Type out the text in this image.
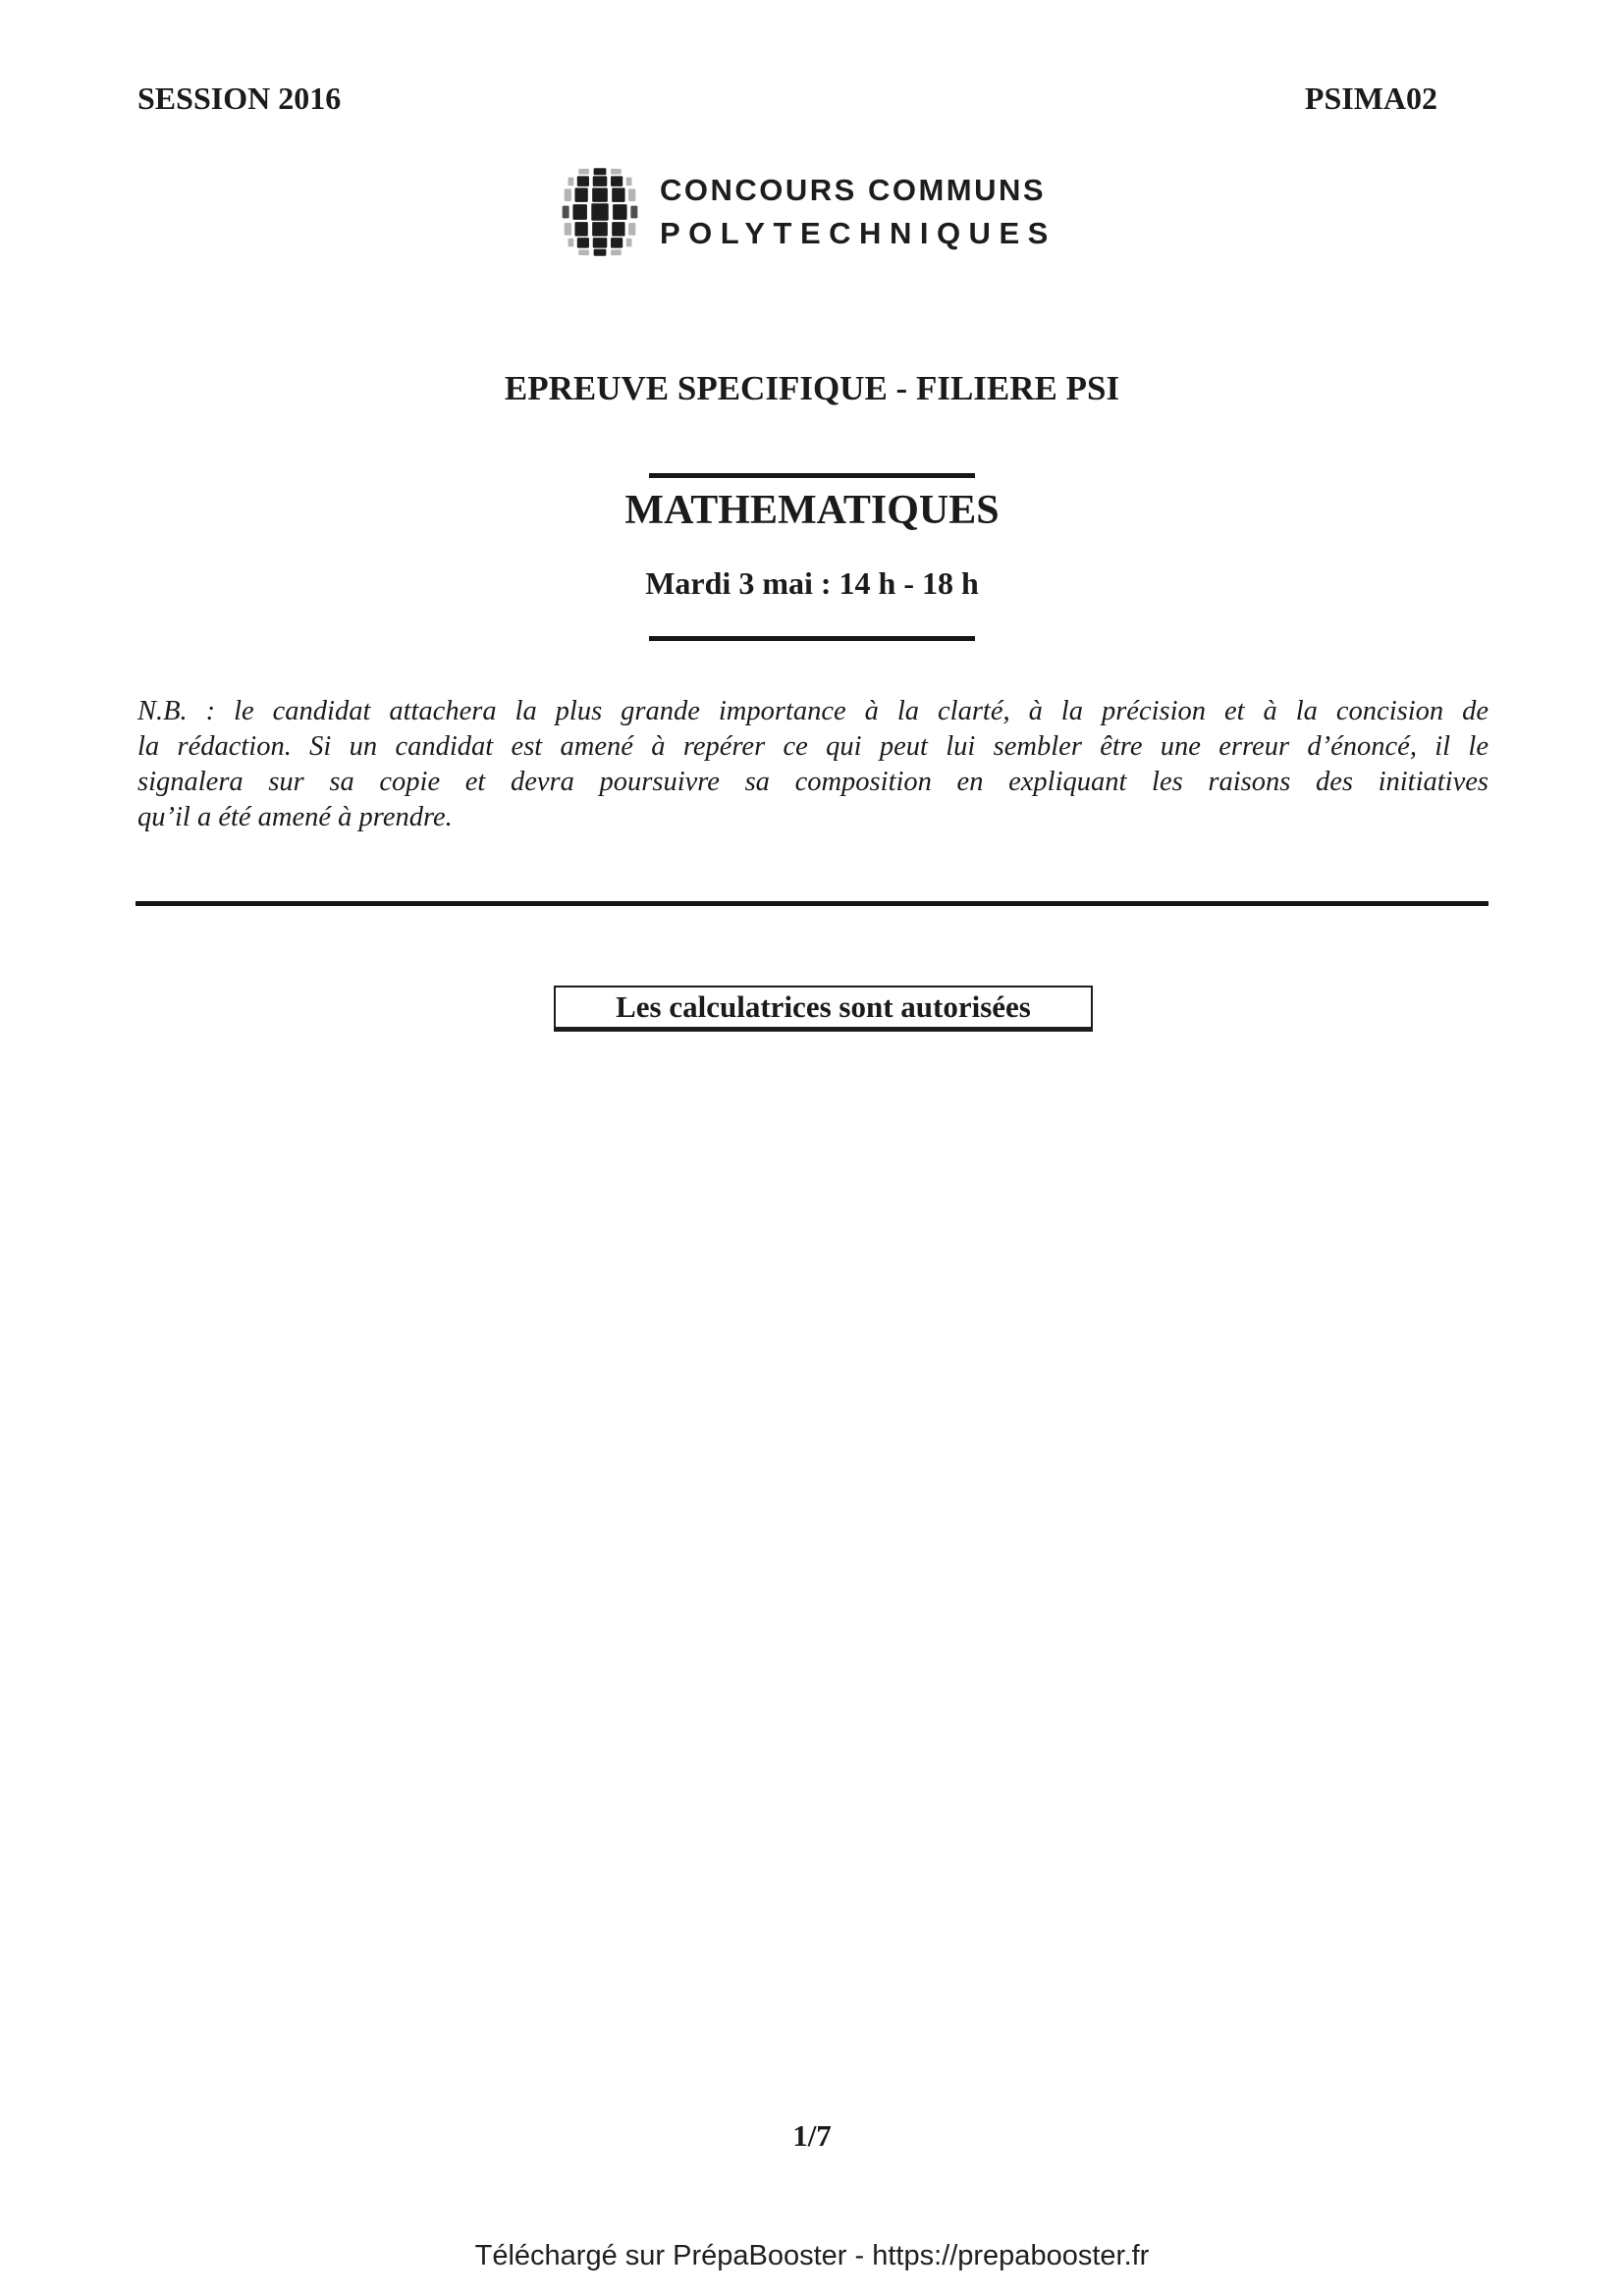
SESSION 2016	PSIMA02
CONCOURS COMMUNS
POLYTECHNIQUES
EPREUVE SPECIFIQUE - FILIERE PSI
MATHEMATIQUES
Mardi 3 mai : 14 h - 18 h
N.B. : le candidat attachera la plus grande importance à la clarté, à la précision et à la concision de
la rédaction. Si un candidat est amené à repérer ce qui peut lui sembler être une erreur d’énoncé, il le
signalera sur sa copie et devra poursuivre sa composition en expliquant les raisons des initiatives
qu’il a été amené à prendre.
Les calculatrices sont autorisées
1/7
Téléchargé sur PrépaBooster - https://prepabooster.fr
